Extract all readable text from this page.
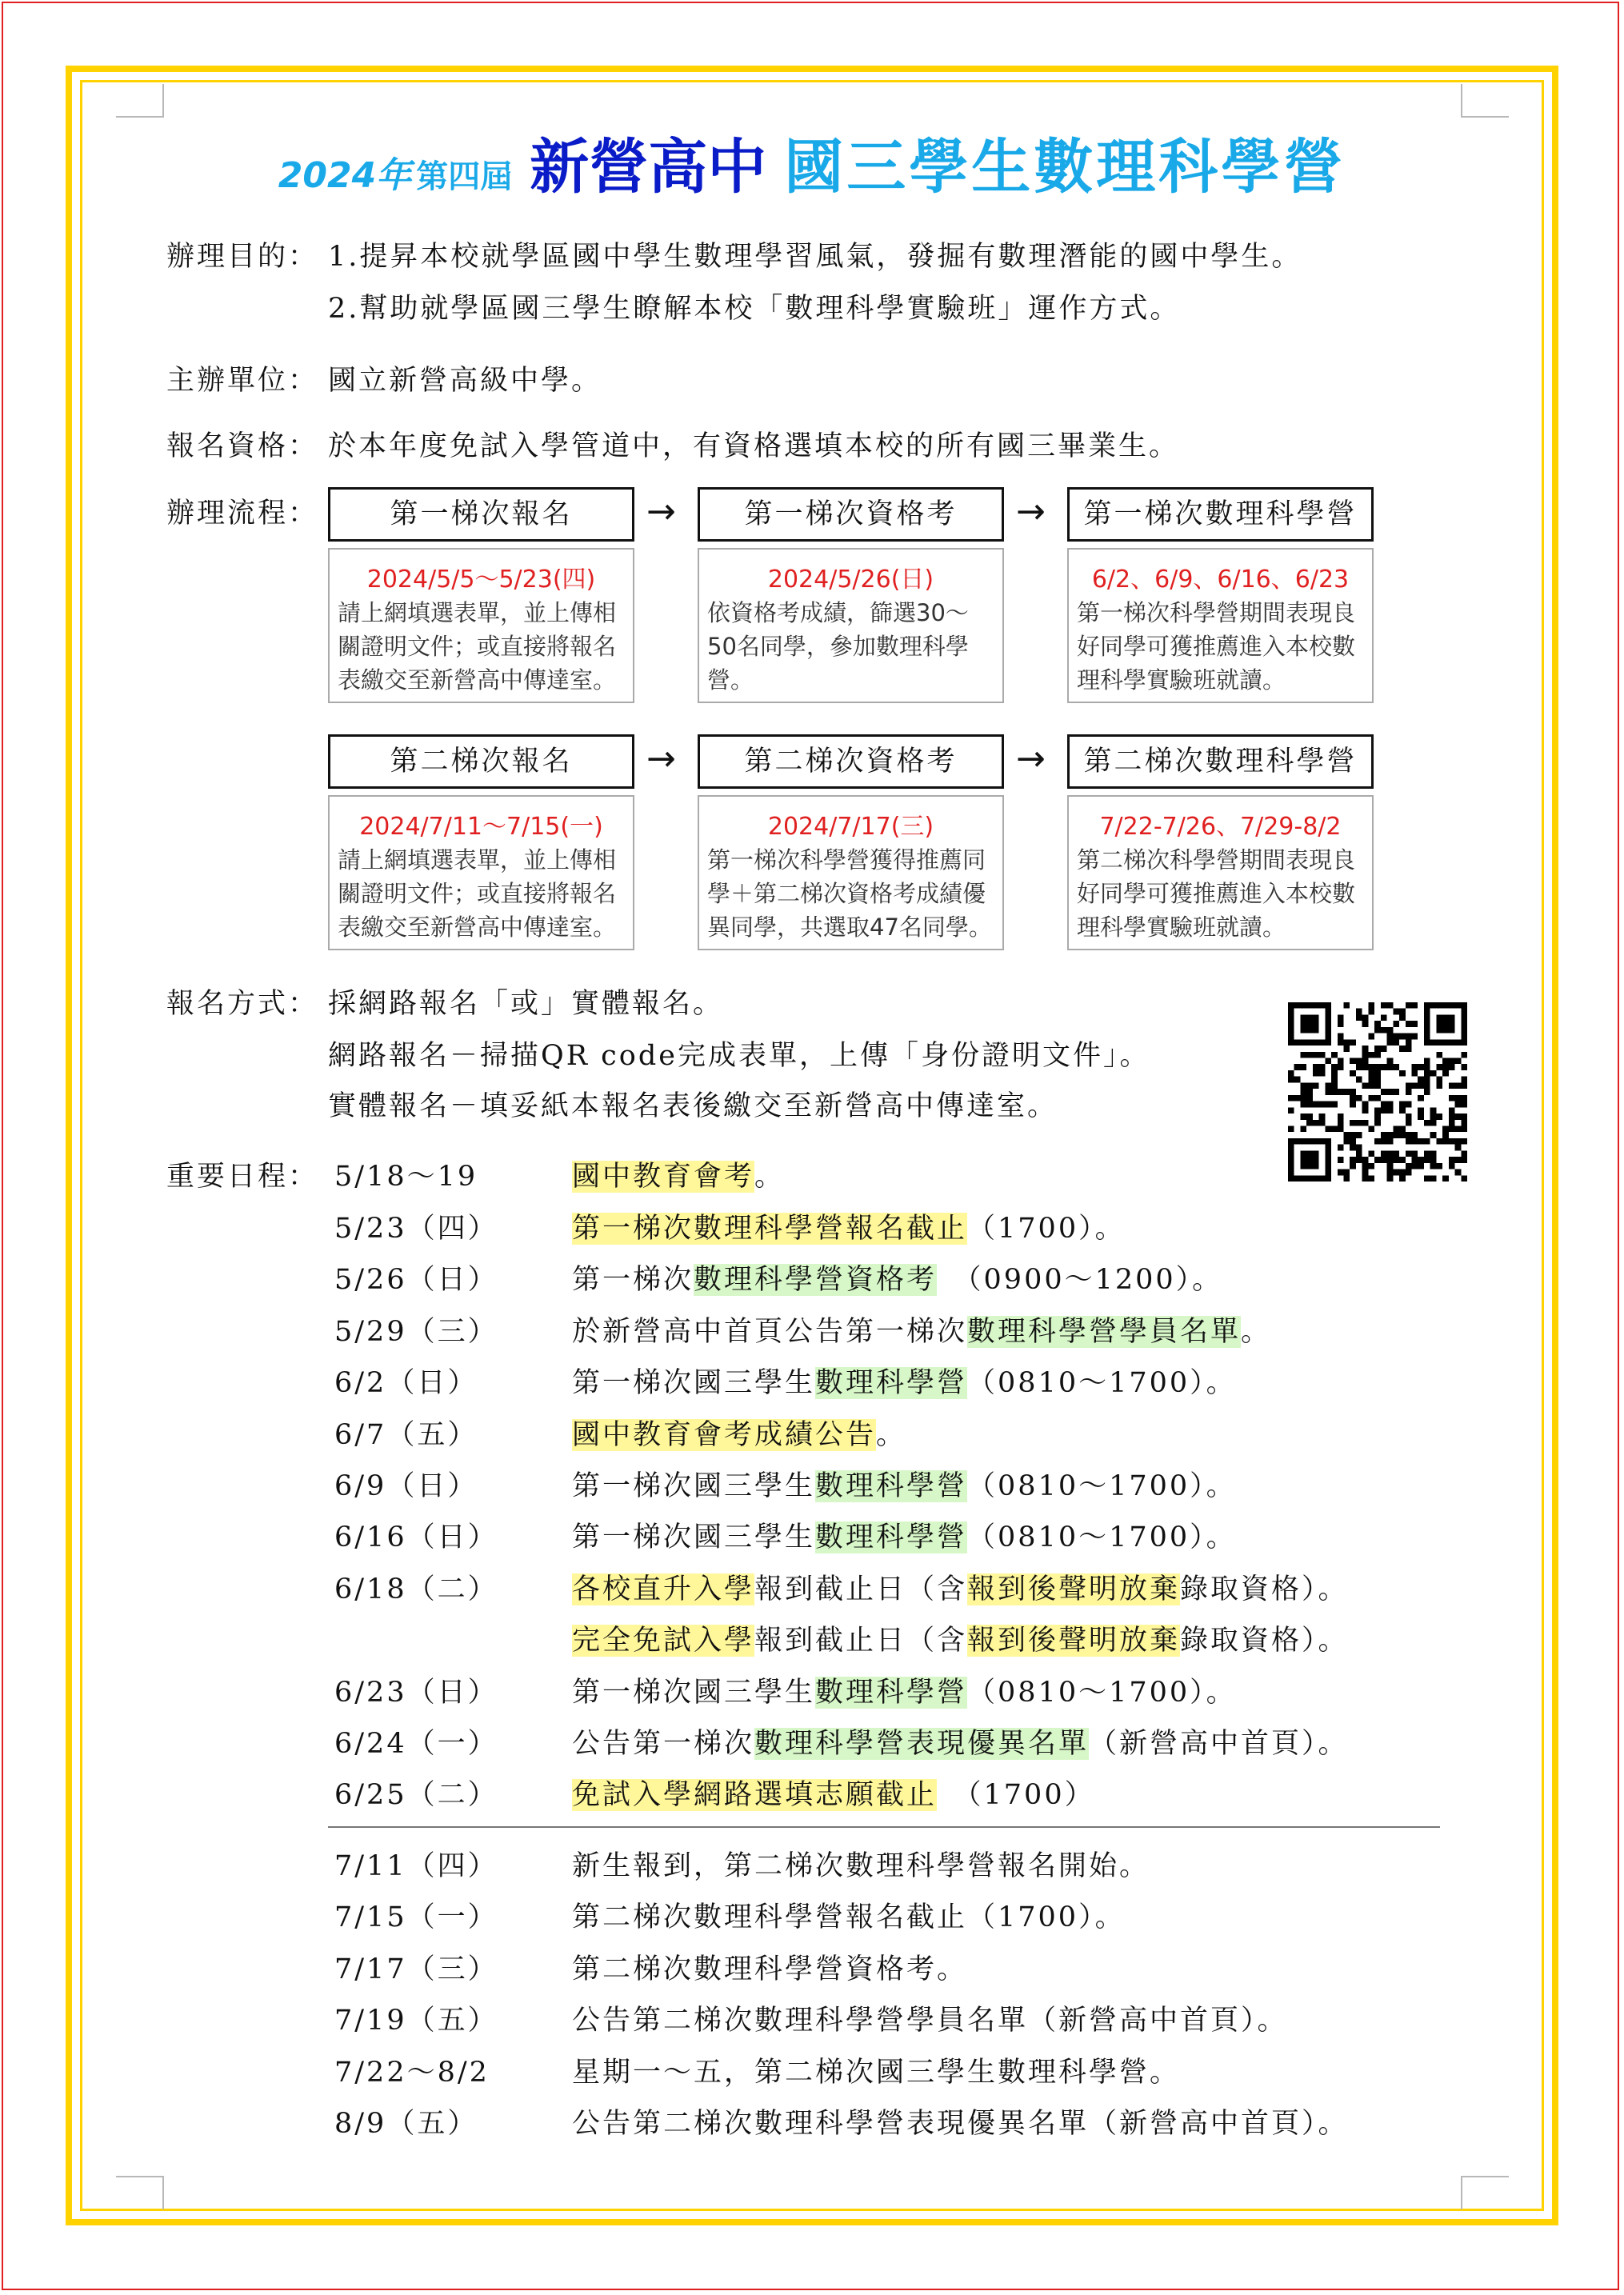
2024年 第四屆 新營高中 國三學生數理科學營
辦理目的： 1.提昇本校就學區國中學生數理學習風氣，發掘有數理潛能的國中學生。
2.幫助就學區國三學生瞭解本校「數理科學實驗班」運作方式。
主辦單位： 國立新營高級中學。
報名資格： 於本年度免試入學管道中，有資格選填本校的所有國三畢業生。
辦理流程：	第一梯次報名
2024/5/5～5/23(四)
請上網填選表單，並上傳相關證明文件；或直接將報名表繳交至新營高中傳達室。
→	第一梯次資格考
2024/5/26(日)
依資格考成績，篩選30～50名同學，參加數理科學營。
→	第一梯次數理科學營
6/2、6/9、6/16、6/23
第一梯次科學營期間表現良好同學可獲推薦進入本校數理科學實驗班就讀。
第二梯次報名
2024/7/11～7/15(一)
請上網填選表單，並上傳相關證明文件；或直接將報名表繳交至新營高中傳達室。
→	第二梯次資格考
2024/7/17(三)
第一梯次科學營獲得推薦同學＋第二梯次資格考成績優異同學，共選取47名同學。
→	第二梯次數理科學營
7/22-7/26、7/29-8/2
第二梯次科學營期間表現良好同學可獲推薦進入本校數理科學實驗班就讀。
報名方式： 採網路報名「或」實體報名。
網路報名－掃描QR code完成表單，上傳「身份證明文件」。
實體報名－填妥紙本報名表後繳交至新營高中傳達室。
重要日程： 5/18～19	國中教育會考。
5/23（四）	第一梯次數理科學營報名截止（1700）。
5/26（日）	第一梯次數理科學營資格考　（0900～1200）。
5/29（三）	於新營高中首頁公告第一梯次數理科學營學員名單。
6/2（日）	第一梯次國三學生數理科學營（0810～1700）。
6/7（五）	國中教育會考成績公告。
6/9（日）	第一梯次國三學生數理科學營（0810～1700）。
6/16（日）	第一梯次國三學生數理科學營（0810～1700）。
6/18（二）	各校直升入學報到截止日（含報到後聲明放棄錄取資格）。
完全免試入學報到截止日（含報到後聲明放棄錄取資格）。
6/23（日）	第一梯次國三學生數理科學營（0810～1700）。
6/24（一）	公告第一梯次數理科學營表現優異名單（新營高中首頁）。
6/25（二）	免試入學網路選填志願截止　（1700）
7/11（四）	新生報到，第二梯次數理科學營報名開始。
7/15（一）	第二梯次數理科學營報名截止（1700）。
7/17（三）	第二梯次數理科學營資格考。
7/19（五）	公告第二梯次數理科學營學員名單（新營高中首頁）。
7/22～8/2	星期一～五，第二梯次國三學生數理科學營。
8/9（五）	公告第二梯次數理科學營表現優異名單（新營高中首頁）。
